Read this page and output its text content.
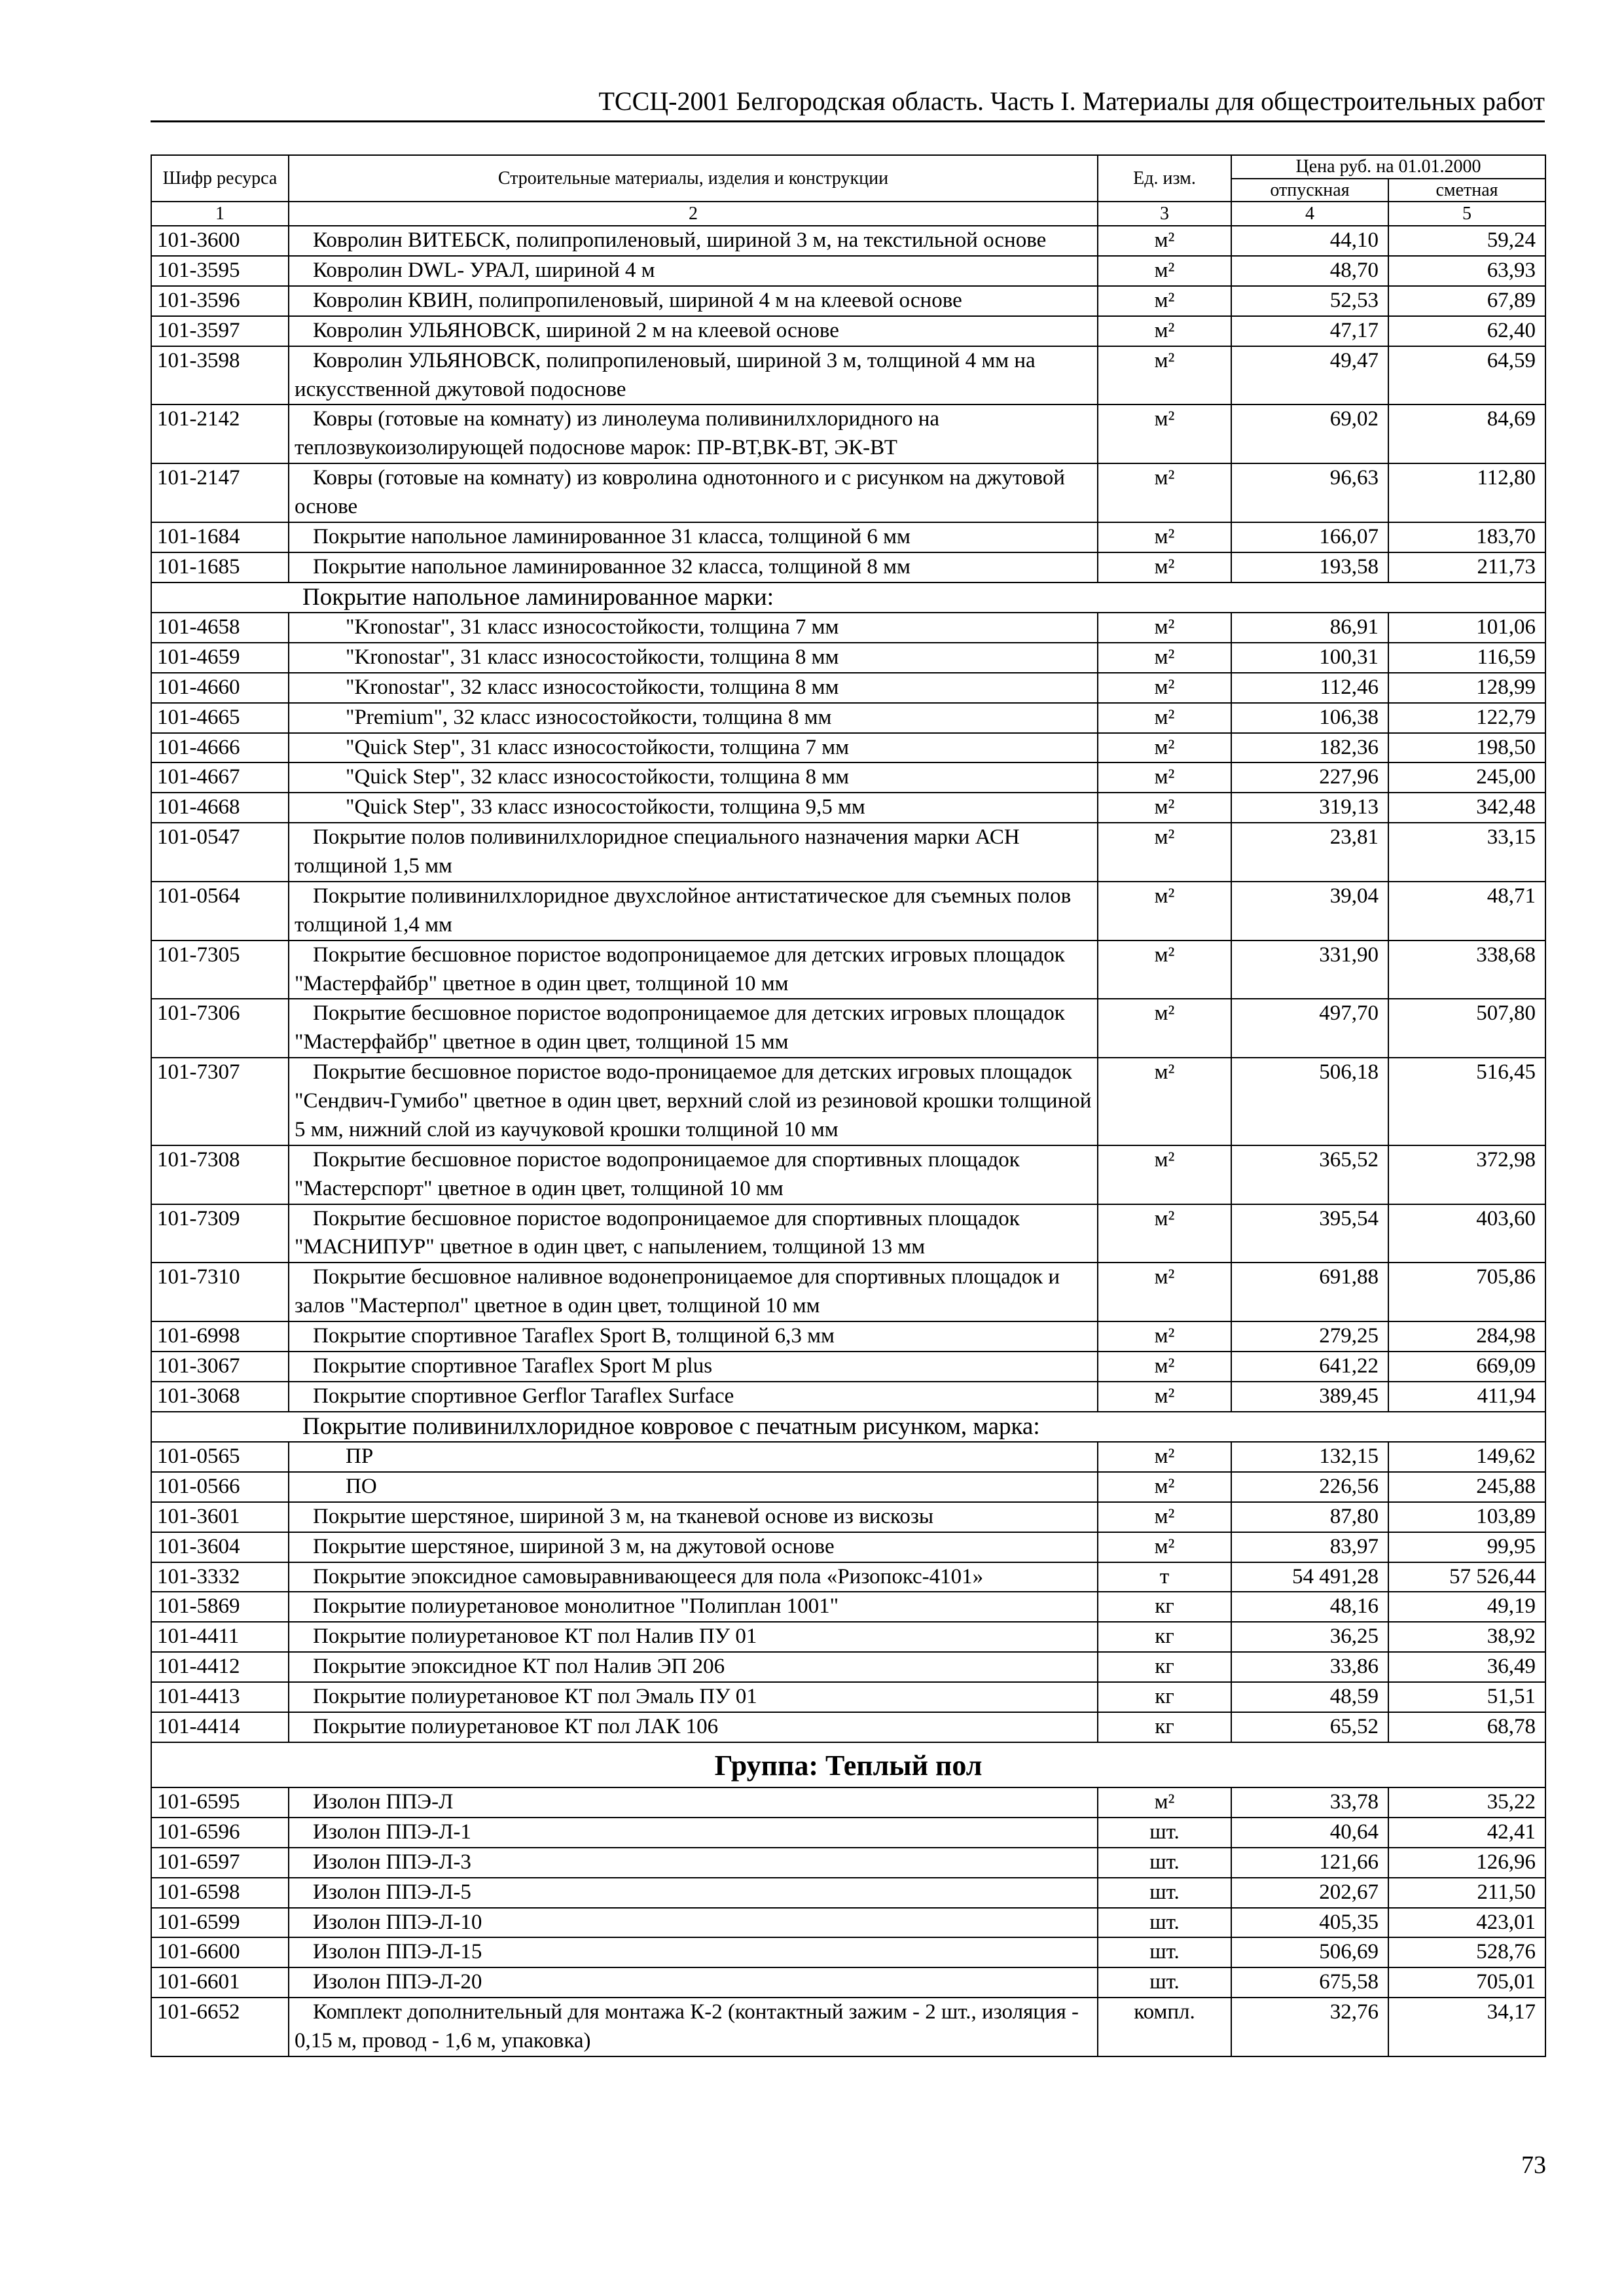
ТССЦ-2001 Белгородская область. Часть I. Материалы для общестроительных работ
Шифр ресурса	Строительные материалы, изделия и конструкции	Ед. изм.	Цена руб. на 01.01.2000	
			отпускная	сметная
1	2	3	4	5
101-3600	Ковролин ВИТЕБСК, полипропиленовый, шириной 3 м, на текстильной основе	м²	44,10	59,24
101-3595	Ковролин DWL- УРАЛ, шириной 4 м	м²	48,70	63,93
101-3596	Ковролин КВИН, полипропиленовый, шириной 4 м на клеевой основе	м²	52,53	67,89
101-3597	Ковролин УЛЬЯНОВСК, шириной 2 м на клеевой основе	м²	47,17	62,40
101-3598	Ковролин УЛЬЯНОВСК, полипропиленовый, шириной 3 м, толщиной 4 мм на искусственной джутовой подоснове	м²	49,47	64,59
101-2142	Ковры (готовые на комнату) из линолеума поливинилхлоридного на теплозвукоизолирующей подоснове марок: ПР-ВТ,ВК-ВТ, ЭК-ВТ	м²	69,02	84,69
101-2147	Ковры (готовые на комнату) из ковролина однотонного и с рисунком на джутовой основе	м²	96,63	112,80
101-1684	Покрытие напольное ламинированное 31 класса, толщиной 6 мм	м²	166,07	183,70
101-1685	Покрытие напольное ламинированное 32 класса, толщиной 8 мм	м²	193,58	211,73
Покрытие напольное ламинированное марки:				
101-4658	"Kronostar", 31 класс износостойкости, толщина 7 мм	м²	86,91	101,06
101-4659	"Kronostar", 31 класс износостойкости, толщина 8 мм	м²	100,31	116,59
101-4660	"Kronostar", 32 класс износостойкости, толщина 8 мм	м²	112,46	128,99
101-4665	"Premium", 32 класс износостойкости, толщина 8 мм	м²	106,38	122,79
101-4666	"Quick Step", 31 класс износостойкости, толщина 7 мм	м²	182,36	198,50
101-4667	"Quick Step", 32 класс износостойкости, толщина 8 мм	м²	227,96	245,00
101-4668	"Quick Step", 33 класс износостойкости, толщина 9,5 мм	м²	319,13	342,48
101-0547	Покрытие полов поливинилхлоридное специального назначения марки АСН толщиной 1,5 мм	м²	23,81	33,15
101-0564	Покрытие поливинилхлоридное двухслойное антистатическое для съемных полов толщиной 1,4 мм	м²	39,04	48,71
101-7305	Покрытие бесшовное пористое водопроницаемое для детских игровых площадок "Мастерфайбр" цветное в один цвет, толщиной 10 мм	м²	331,90	338,68
101-7306	Покрытие бесшовное пористое водопроницаемое для детских игровых площадок "Мастерфайбр" цветное в один цвет, толщиной 15 мм	м²	497,70	507,80
101-7307	Покрытие бесшовное пористое водо-проницаемое для детских игровых площадок "Сендвич-Гумибо" цветное в один цвет, верхний слой из резиновой крошки толщиной 5 мм, нижний слой из каучуковой крошки толщиной 10 мм	м²	506,18	516,45
101-7308	Покрытие бесшовное пористое водопроницаемое для спортивных площадок "Мастерспорт" цветное в один цвет, толщиной 10 мм	м²	365,52	372,98
101-7309	Покрытие бесшовное пористое водопроницаемое для спортивных площадок "МАСНИПУР" цветное в один цвет, с напылением, толщиной 13 мм	м²	395,54	403,60
101-7310	Покрытие бесшовное наливное водонепроницаемое для спортивных площадок и залов "Мастерпол" цветное в один цвет, толщиной 10 мм	м²	691,88	705,86
101-6998	Покрытие спортивное Taraflex Sport B, толщиной 6,3 мм	м²	279,25	284,98
101-3067	Покрытие спортивное Taraflex Sport M plus	м²	641,22	669,09
101-3068	Покрытие спортивное Gerflor Taraflex Surface	м²	389,45	411,94
Покрытие поливинилхлоридное ковровое с печатным рисунком, марка:				
101-0565	ПР	м²	132,15	149,62
101-0566	ПО	м²	226,56	245,88
101-3601	Покрытие шерстяное, шириной 3 м, на тканевой основе из вискозы	м²	87,80	103,89
101-3604	Покрытие шерстяное, шириной 3 м, на джутовой основе	м²	83,97	99,95
101-3332	Покрытие эпоксидное самовыравнивающееся для пола «Ризопокс-4101»	т	54 491,28	57 526,44
101-5869	Покрытие полиуретановое монолитное "Полиплан 1001"	кг	48,16	49,19
101-4411	Покрытие полиуретановое КТ пол Налив ПУ 01	кг	36,25	38,92
101-4412	Покрытие эпоксидное КТ пол Налив ЭП 206	кг	33,86	36,49
101-4413	Покрытие полиуретановое КТ пол Эмаль ПУ 01	кг	48,59	51,51
101-4414	Покрытие полиуретановое КТ пол ЛАК 106	кг	65,52	68,78
Группа: Теплый пол				
101-6595	Изолон ППЭ-Л	м²	33,78	35,22
101-6596	Изолон ППЭ-Л-1	шт.	40,64	42,41
101-6597	Изолон ППЭ-Л-3	шт.	121,66	126,96
101-6598	Изолон ППЭ-Л-5	шт.	202,67	211,50
101-6599	Изолон ППЭ-Л-10	шт.	405,35	423,01
101-6600	Изолон ППЭ-Л-15	шт.	506,69	528,76
101-6601	Изолон ППЭ-Л-20	шт.	675,58	705,01
101-6652	Комплект дополнительный для монтажа К-2 (контактный зажим - 2 шт., изоляция - 0,15 м, провод - 1,6 м, упаковка)	компл.	32,76	34,17
73
